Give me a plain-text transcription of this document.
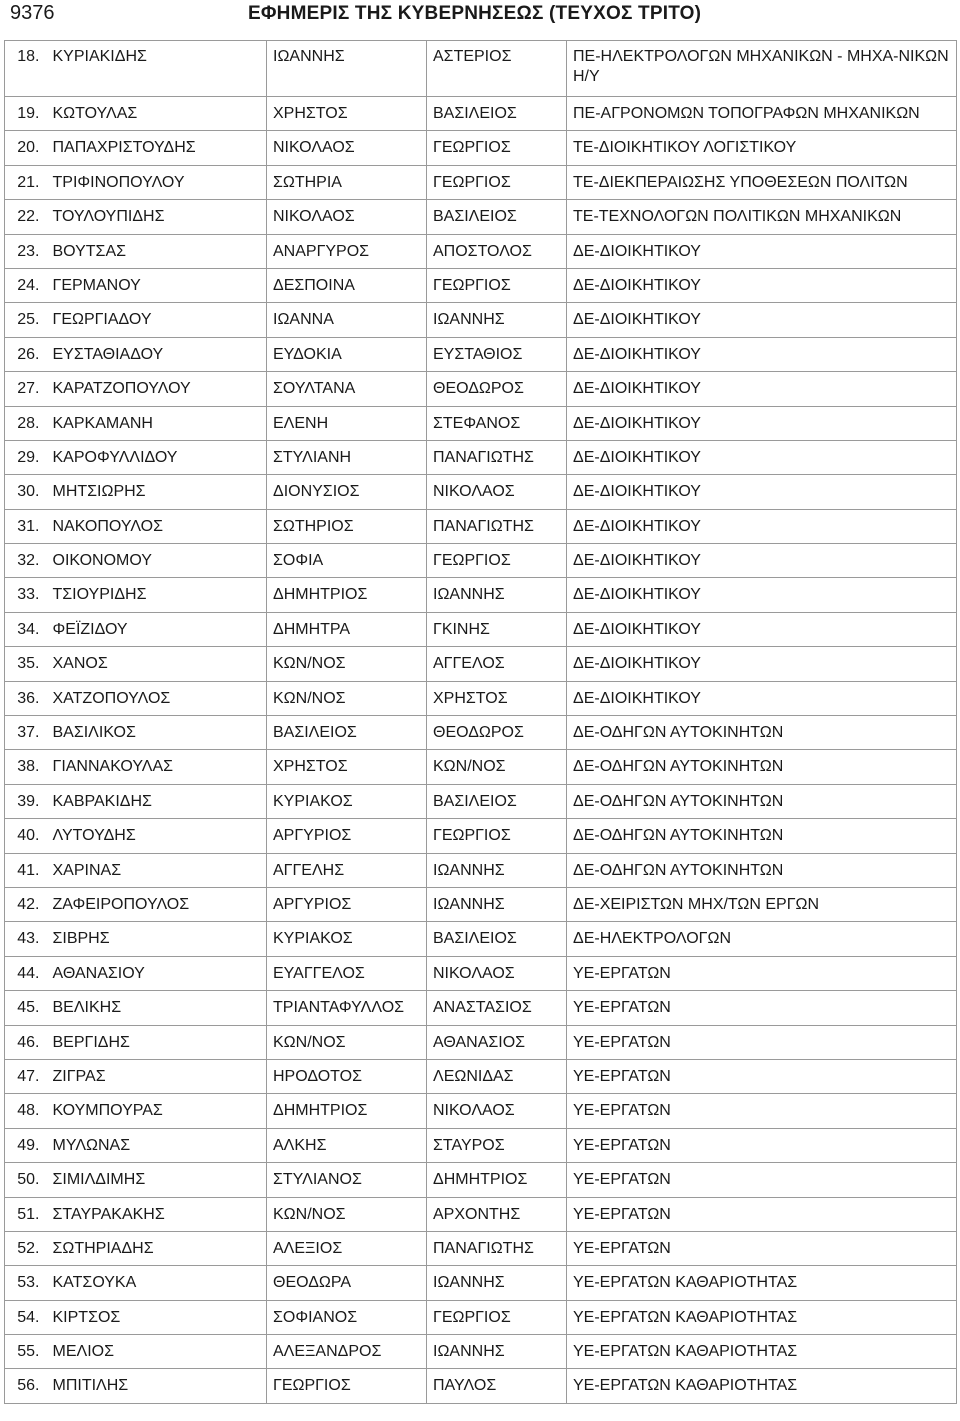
9376	ΕΦΗΜΕΡΙΣ ΤΗΣ ΚΥΒΕΡΝΗΣΕΩΣ (ΤΕΥΧΟΣ ΤΡΙΤΟ)
18.	ΚΥΡΙΑΚΙΔΗΣ	ΙΩΑΝΝΗΣ	ΑΣΤΕΡΙΟΣ	ΠΕ-ΗΛΕΚΤΡΟΛΟΓΩΝ ΜΗΧΑΝΙΚΩΝ - ΜΗΧΑ-ΝΙΚΩΝ Η/Υ
19.	ΚΩΤΟΥΛΑΣ	ΧΡΗΣΤΟΣ	ΒΑΣΙΛΕΙΟΣ	ΠΕ-ΑΓΡΟΝΟΜΩΝ ΤΟΠΟΓΡΑΦΩΝ ΜΗΧΑΝΙΚΩΝ
20.	ΠΑΠΑΧΡΙΣΤΟΥΔΗΣ	ΝΙΚΟΛΑΟΣ	ΓΕΩΡΓΙΟΣ	ΤΕ-ΔΙΟΙΚΗΤΙΚΟΥ ΛΟΓΙΣΤΙΚΟΥ
21.	ΤΡΙΦΙΝΟΠΟΥΛΟΥ	ΣΩΤΗΡΙΑ	ΓΕΩΡΓΙΟΣ	ΤΕ-ΔΙΕΚΠΕΡΑΙΩΣΗΣ ΥΠΟΘΕΣΕΩΝ ΠΟΛΙΤΩΝ
22.	ΤΟΥΛΟΥΠΙΔΗΣ	ΝΙΚΟΛΑΟΣ	ΒΑΣΙΛΕΙΟΣ	ΤΕ-ΤΕΧΝΟΛΟΓΩΝ ΠΟΛΙΤΙΚΩΝ ΜΗΧΑΝΙΚΩΝ
23.	ΒΟΥΤΣΑΣ	ΑΝΑΡΓΥΡΟΣ	ΑΠΟΣΤΟΛΟΣ	ΔΕ-ΔΙΟΙΚΗΤΙΚΟΥ
24.	ΓΕΡΜΑΝΟΥ	ΔΕΣΠΟΙΝΑ	ΓΕΩΡΓΙΟΣ	ΔΕ-ΔΙΟΙΚΗΤΙΚΟΥ
25.	ΓΕΩΡΓΙΑΔΟΥ	ΙΩΑΝΝΑ	ΙΩΑΝΝΗΣ	ΔΕ-ΔΙΟΙΚΗΤΙΚΟΥ
26.	ΕΥΣΤΑΘΙΑΔΟΥ	ΕΥΔΟΚΙΑ	ΕΥΣΤΑΘΙΟΣ	ΔΕ-ΔΙΟΙΚΗΤΙΚΟΥ
27.	ΚΑΡΑΤΖΟΠΟΥΛΟΥ	ΣΟΥΛΤΑΝΑ	ΘΕΟΔΩΡΟΣ	ΔΕ-ΔΙΟΙΚΗΤΙΚΟΥ
28.	ΚΑΡΚΑΜΑΝΗ	ΕΛΕΝΗ	ΣΤΕΦΑΝΟΣ	ΔΕ-ΔΙΟΙΚΗΤΙΚΟΥ
29.	ΚΑΡΟΦΥΛΛΙΔΟΥ	ΣΤΥΛΙΑΝΗ	ΠΑΝΑΓΙΩΤΗΣ	ΔΕ-ΔΙΟΙΚΗΤΙΚΟΥ
30.	ΜΗΤΣΙΩΡΗΣ	ΔΙΟΝΥΣΙΟΣ	ΝΙΚΟΛΑΟΣ	ΔΕ-ΔΙΟΙΚΗΤΙΚΟΥ
31.	ΝΑΚΟΠΟΥΛΟΣ	ΣΩΤΗΡΙΟΣ	ΠΑΝΑΓΙΩΤΗΣ	ΔΕ-ΔΙΟΙΚΗΤΙΚΟΥ
32.	ΟΙΚΟΝΟΜΟΥ	ΣΟΦΙΑ	ΓΕΩΡΓΙΟΣ	ΔΕ-ΔΙΟΙΚΗΤΙΚΟΥ
33.	ΤΣΙΟΥΡΙΔΗΣ	ΔΗΜΗΤΡΙΟΣ	ΙΩΑΝΝΗΣ	ΔΕ-ΔΙΟΙΚΗΤΙΚΟΥ
34.	ΦΕΪΖΙΔΟΥ	ΔΗΜΗΤΡΑ	ΓΚΙΝΗΣ	ΔΕ-ΔΙΟΙΚΗΤΙΚΟΥ
35.	ΧΑΝΟΣ	ΚΩΝ/ΝΟΣ	ΑΓΓΕΛΟΣ	ΔΕ-ΔΙΟΙΚΗΤΙΚΟΥ
36.	ΧΑΤΖΟΠΟΥΛΟΣ	ΚΩΝ/ΝΟΣ	ΧΡΗΣΤΟΣ	ΔΕ-ΔΙΟΙΚΗΤΙΚΟΥ
37.	ΒΑΣΙΛΙΚΟΣ	ΒΑΣΙΛΕΙΟΣ	ΘΕΟΔΩΡΟΣ	ΔΕ-ΟΔΗΓΩΝ ΑΥΤΟΚΙΝΗΤΩΝ
38.	ΓΙΑΝΝΑΚΟΥΛΑΣ	ΧΡΗΣΤΟΣ	ΚΩΝ/ΝΟΣ	ΔΕ-ΟΔΗΓΩΝ ΑΥΤΟΚΙΝΗΤΩΝ
39.	ΚΑΒΡΑΚΙΔΗΣ	ΚΥΡΙΑΚΟΣ	ΒΑΣΙΛΕΙΟΣ	ΔΕ-ΟΔΗΓΩΝ ΑΥΤΟΚΙΝΗΤΩΝ
40.	ΛΥΤΟΥΔΗΣ	ΑΡΓΥΡΙΟΣ	ΓΕΩΡΓΙΟΣ	ΔΕ-ΟΔΗΓΩΝ ΑΥΤΟΚΙΝΗΤΩΝ
41.	ΧΑΡΙΝΑΣ	ΑΓΓΕΛΗΣ	ΙΩΑΝΝΗΣ	ΔΕ-ΟΔΗΓΩΝ ΑΥΤΟΚΙΝΗΤΩΝ
42.	ΖΑΦΕΙΡΟΠΟΥΛΟΣ	ΑΡΓΥΡΙΟΣ	ΙΩΑΝΝΗΣ	ΔΕ-ΧΕΙΡΙΣΤΩΝ ΜΗΧ/ΤΩΝ ΕΡΓΩΝ
43.	ΣΙΒΡΗΣ	ΚΥΡΙΑΚΟΣ	ΒΑΣΙΛΕΙΟΣ	ΔΕ-ΗΛΕΚΤΡΟΛΟΓΩΝ
44.	ΑΘΑΝΑΣΙΟΥ	ΕΥΑΓΓΕΛΟΣ	ΝΙΚΟΛΑΟΣ	ΥΕ-ΕΡΓΑΤΩΝ
45.	ΒΕΛΙΚΗΣ	ΤΡΙΑΝΤΑΦΥΛΛΟΣ	ΑΝΑΣΤΑΣΙΟΣ	ΥΕ-ΕΡΓΑΤΩΝ
46.	ΒΕΡΓΙΔΗΣ	ΚΩΝ/ΝΟΣ	ΑΘΑΝΑΣΙΟΣ	ΥΕ-ΕΡΓΑΤΩΝ
47.	ΖΙΓΡΑΣ	ΗΡΟΔΟΤΟΣ	ΛΕΩΝΙΔΑΣ	ΥΕ-ΕΡΓΑΤΩΝ
48.	ΚΟΥΜΠΟΥΡΑΣ	ΔΗΜΗΤΡΙΟΣ	ΝΙΚΟΛΑΟΣ	ΥΕ-ΕΡΓΑΤΩΝ
49.	ΜΥΛΩΝΑΣ	ΑΛΚΗΣ	ΣΤΑΥΡΟΣ	ΥΕ-ΕΡΓΑΤΩΝ
50.	ΣΙΜΙΛΔΙΜΗΣ	ΣΤΥΛΙΑΝΟΣ	ΔΗΜΗΤΡΙΟΣ	ΥΕ-ΕΡΓΑΤΩΝ
51.	ΣΤΑΥΡΑΚΑΚΗΣ	ΚΩΝ/ΝΟΣ	ΑΡΧΟΝΤΗΣ	ΥΕ-ΕΡΓΑΤΩΝ
52.	ΣΩΤΗΡΙΑΔΗΣ	ΑΛΕΞΙΟΣ	ΠΑΝΑΓΙΩΤΗΣ	ΥΕ-ΕΡΓΑΤΩΝ
53.	ΚΑΤΣΟΥΚΑ	ΘΕΟΔΩΡΑ	ΙΩΑΝΝΗΣ	ΥΕ-ΕΡΓΑΤΩΝ ΚΑΘΑΡΙΟΤΗΤΑΣ
54.	ΚΙΡΤΣΟΣ	ΣΟΦΙΑΝΟΣ	ΓΕΩΡΓΙΟΣ	ΥΕ-ΕΡΓΑΤΩΝ ΚΑΘΑΡΙΟΤΗΤΑΣ
55.	ΜΕΛΙΟΣ	ΑΛΕΞΑΝΔΡΟΣ	ΙΩΑΝΝΗΣ	ΥΕ-ΕΡΓΑΤΩΝ ΚΑΘΑΡΙΟΤΗΤΑΣ
56.	ΜΠΙΤΙΛΗΣ	ΓΕΩΡΓΙΟΣ	ΠΑΥΛΟΣ	ΥΕ-ΕΡΓΑΤΩΝ ΚΑΘΑΡΙΟΤΗΤΑΣ
